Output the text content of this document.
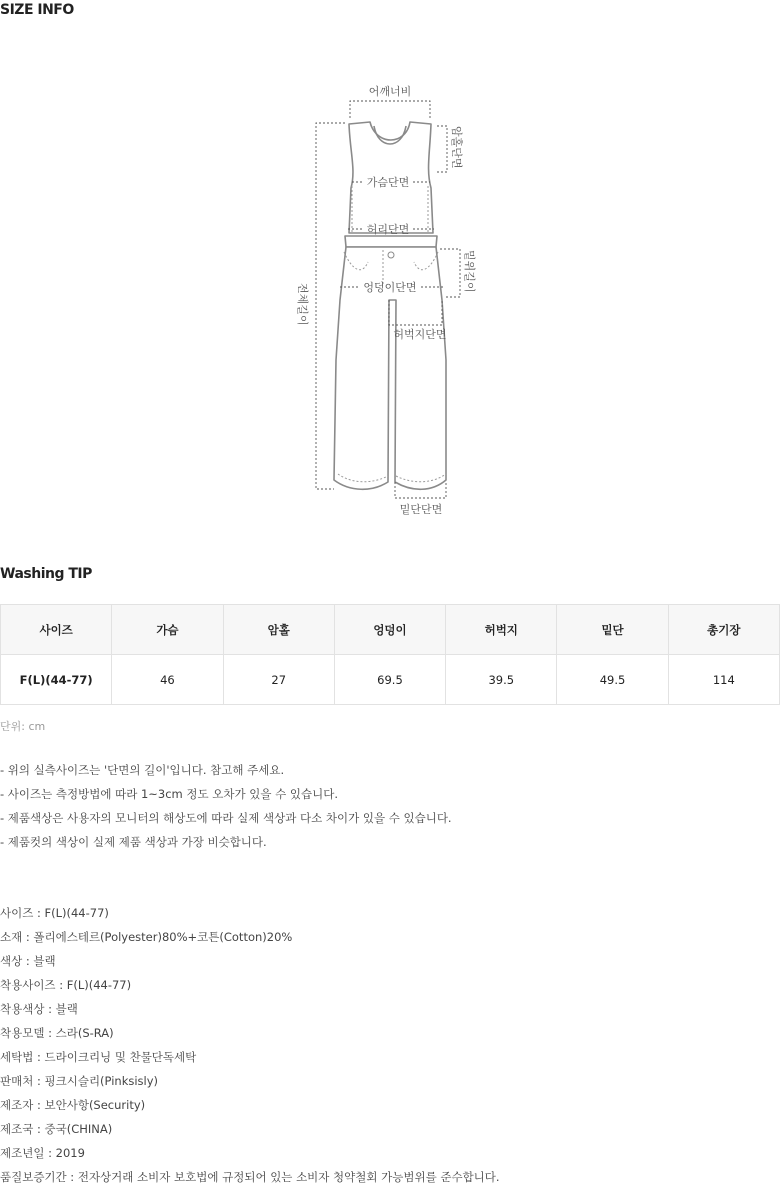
SIZE INFO
어깨너비
가슴단면
허리단면
엉덩이단면
허벅지단면
밑단단면
암홀단면
밑위길이
전체길이
Washing TIP
사이즈	가슴	암홀	엉덩이	허벅지	밑단	총기장
F(L)(44-77)	46	27	69.5	39.5	49.5	114
단위: cm
- 위의 실측사이즈는 '단면의 길이'입니다. 참고해 주세요.
- 사이즈는 측정방법에 따라 1~3cm 정도 오차가 있을 수 있습니다.
- 제품색상은 사용자의 모니터의 해상도에 따라 실제 색상과 다소 차이가 있을 수 있습니다.
- 제품컷의 색상이 실제 제품 색상과 가장 비슷합니다.
사이즈 : F(L)(44-77)
소재 : 폴리에스테르(Polyester)80%+코튼(Cotton)20%
색상 : 블랙
착용사이즈 : F(L)(44-77)
착용색상 : 블랙
착용모델 : 스라(S-RA)
세탁법 : 드라이크리닝 및 찬물단독세탁
판매처 : 핑크시슬리(Pinksisly)
제조자 : 보안사항(Security)
제조국 : 중국(CHINA)
제조년일 : 2019
품질보증기간 : 전자상거래 소비자 보호법에 규정되어 있는 소비자 청약철회 가능범위를 준수합니다.
